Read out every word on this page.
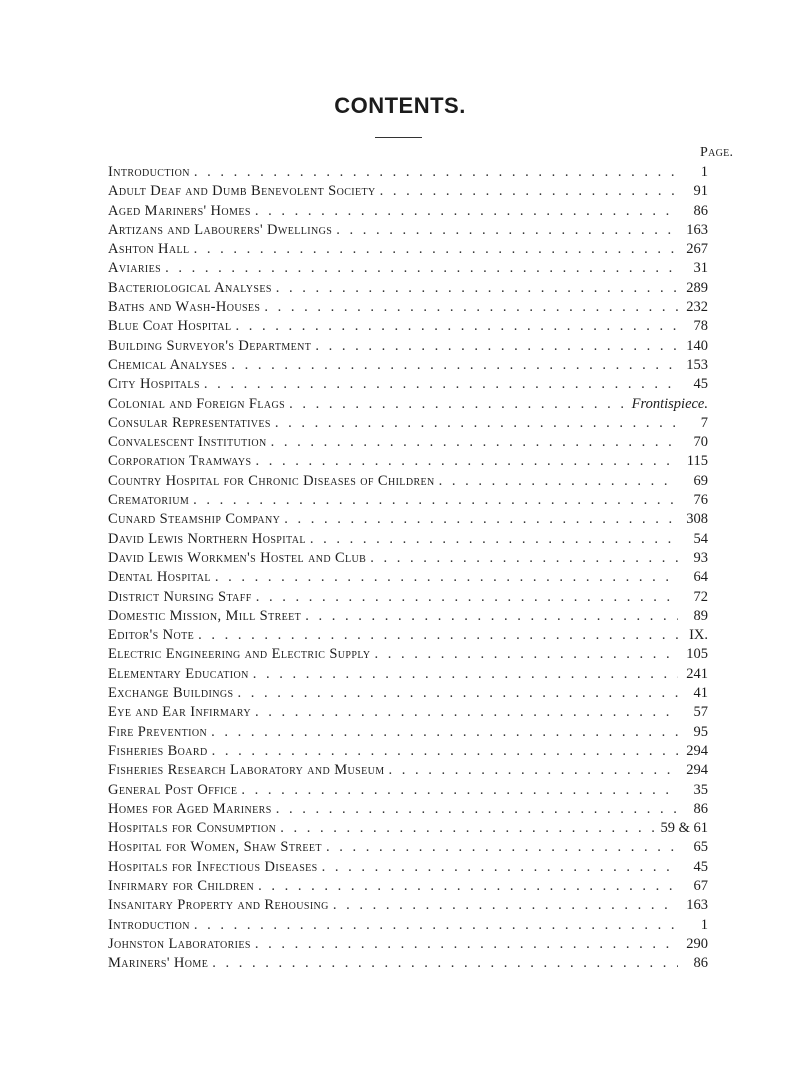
CONTENTS.
Page.
Introduction . . .	1
Adult Deaf and Dumb Benevolent Society . . .	91
Aged Mariners' Homes . . .	86
Artizans and Labourers' Dwellings . . .	163
Ashton Hall . . .	267
Aviaries . . .	31
Bacteriological Analyses . . .	289
Baths and Wash-Houses . . .	232
Blue Coat Hospital . . .	78
Building Surveyor's Department . . .	140
Chemical Analyses . . .	153
City Hospitals . . .	45
Colonial and Foreign Flags . . .	Frontispiece.
Consular Representatives . . .	7
Convalescent Institution . . .	70
Corporation Tramways . . .	115
Country Hospital for Chronic Diseases of Children . . .	69
Crematorium . . .	76
Cunard Steamship Company . . .	308
David Lewis Northern Hospital . . .	54
David Lewis Workmen's Hostel and Club . . .	93
Dental Hospital . . .	64
District Nursing Staff . . .	72
Domestic Mission, Mill Street . . .	89
Editor's Note . . .	IX.
Electric Engineering and Electric Supply . . .	105
Elementary Education . . .	241
Exchange Buildings . . .	41
Eye and Ear Infirmary . . .	57
Fire Prevention . . .	95
Fisheries Board . . .	294
Fisheries Research Laboratory and Museum . . .	294
General Post Office . . .	35
Homes for Aged Mariners . . .	86
Hospitals for Consumption . . .	59 & 61
Hospital for Women, Shaw Street . . .	65
Hospitals for Infectious Diseases . . .	45
Infirmary for Children . . .	67
Insanitary Property and Rehousing . . .	163
Introduction . . .	1
Johnston Laboratories . . .	290
Mariners' Home . . .	86
